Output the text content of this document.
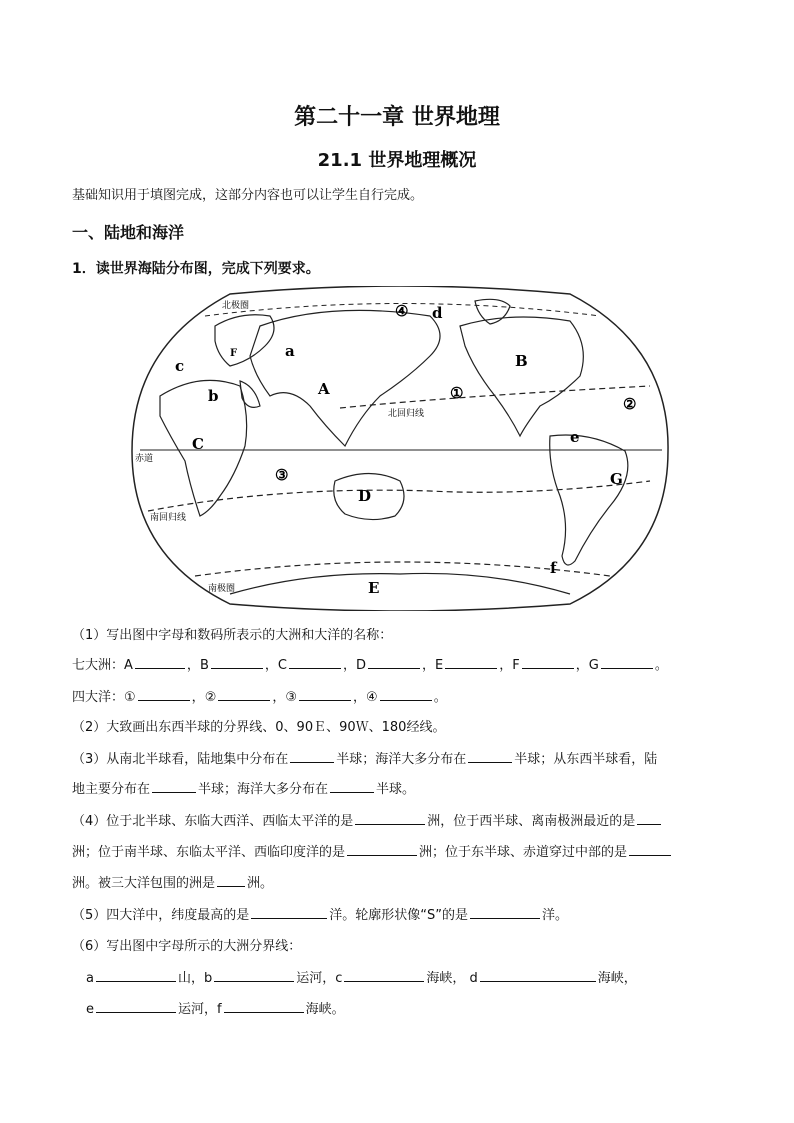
第二十一章 世界地理
21.1 世界地理概况
基础知识用于填图完成，这部分内容也可以让学生自行完成。
一、陆地和海洋
1．读世界海陆分布图，完成下列要求。
北极圈
北回归线
赤道
南回归线
南极圈
A
B
C
D
E
F
G
a
b
c
d
e
f
①
②
③
④
（1）写出图中字母和数码所表示的大洲和大洋的名称：
七大洲：A	，B	，C	，D	，E	，F	，G	。
四大洋：①	，②	，③	，④	。
（2）大致画出东西半球的分界线、0、90Ｅ、90Ｗ、180经线。
（3）从南北半球看，陆地集中分布在	半球；海洋大多分布在	半球；从东西半球看，陆
地主要分布在	半球；海洋大多分布在	半球。
（4）位于北半球、东临大西洋、西临太平洋的是	洲，位于西半球、离南极洲最近的是
洲；位于南半球、东临太平洋、西临印度洋的是	洲；位于东半球、赤道穿过中部的是
洲。被三大洋包围的洲是 洲。
（5）四大洋中，纬度最高的是	洋。轮廓形状像“S”的是	洋。
（6）写出图中字母所示的大洲分界线：
a	山，b	运河，c	海峡， d	海峡，
e	运河，f	海峡。
